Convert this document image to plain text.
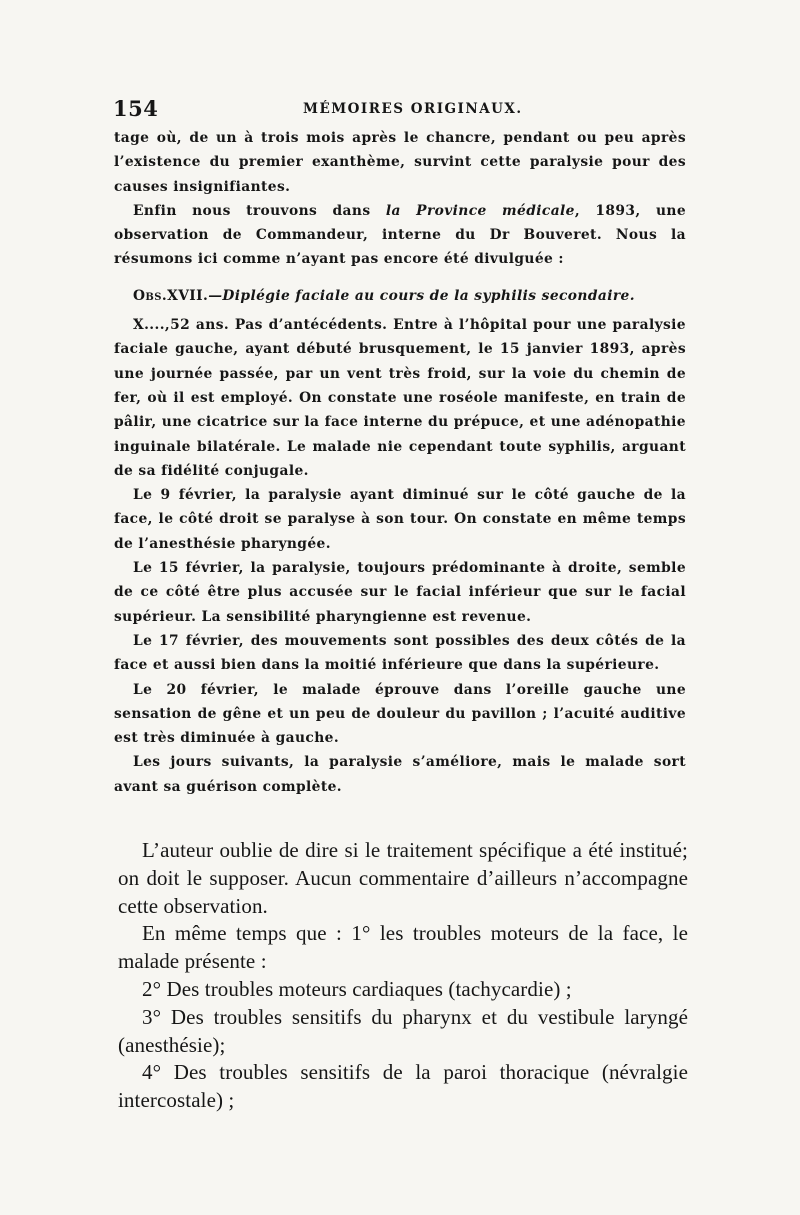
154	MÉMOIRES ORIGINAUX.

tage où, de un à trois mois après le chancre, pendant ou peu après l’existence du premier exanthème, survint cette paralysie pour des causes insignifiantes.

Enfin nous trouvons dans la Province médicale, 1893, une observation de Commandeur, interne du Dr Bouveret. Nous la résumons ici comme n’ayant pas encore été divulguée :

Obs.XVII.—Diplégie faciale au cours de la syphilis secondaire.

X....,52 ans. Pas d’antécédents. Entre à l’hôpital pour une paralysie faciale gauche, ayant débuté brusquement, le 15 janvier 1893, après une journée passée, par un vent très froid, sur la voie du chemin de fer, où il est employé. On constate une roséole manifeste, en train de pâlir, une cicatrice sur la face interne du prépuce, et une adénopathie inguinale bilatérale. Le malade nie cependant toute syphilis, arguant de sa fidélité conjugale.

Le 9 février, la paralysie ayant diminué sur le côté gauche de la face, le côté droit se paralyse à son tour. On constate en même temps de l’anesthésie pharyngée.

Le 15 février, la paralysie, toujours prédominante à droite, semble de ce côté être plus accusée sur le facial inférieur que sur le facial supérieur. La sensibilité pharyngienne est revenue.

Le 17 février, des mouvements sont possibles des deux côtés de la face et aussi bien dans la moitié inférieure que dans la supérieure.

Le 20 février, le malade éprouve dans l’oreille gauche une sensation de gêne et un peu de douleur du pavillon ; l’acuité auditive est très diminuée à gauche.

Les jours suivants, la paralysie s’améliore, mais le malade sort avant sa guérison complète.

L’auteur oublie de dire si le traitement spécifique a été institué; on doit le supposer. Aucun commentaire d’ailleurs n’accompagne cette observation.

En même temps que : 1° les troubles moteurs de la face, le malade présente :

2° Des troubles moteurs cardiaques (tachycardie) ;

3° Des troubles sensitifs du pharynx et du vestibule laryngé (anesthésie);

4° Des troubles sensitifs de la paroi thoracique (névralgie intercostale) ;
